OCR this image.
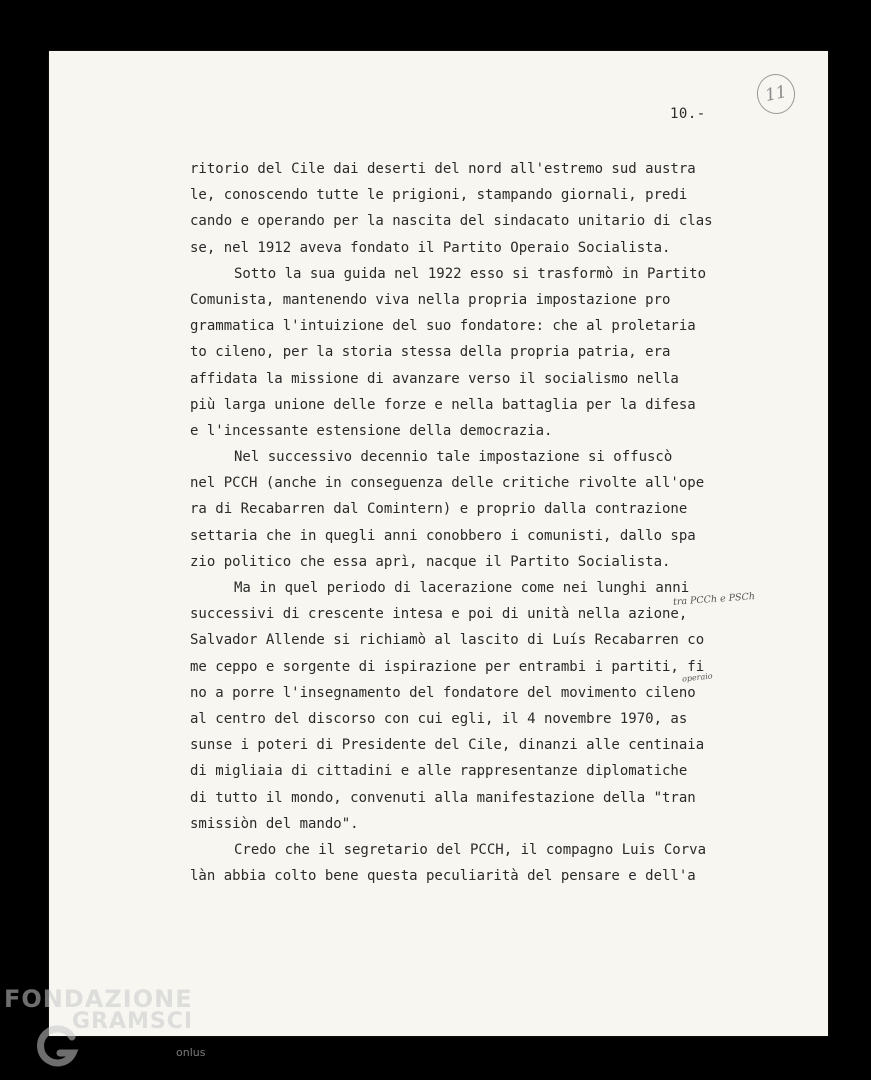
10.-
11
ritorio del Cile dai deserti del nord all'estremo sud austra
le, conoscendo tutte le prigioni, stampando giornali, predi
cando e operando per la nascita del sindacato unitario di clas
se, nel 1912 aveva fondato il Partito Operaio Socialista.
Sotto la sua guida nel 1922 esso si trasformò in Partito
Comunista, mantenendo viva nella propria impostazione pro
grammatica l'intuizione del suo fondatore: che al proletaria
to cileno, per la storia stessa della propria patria, era
affidata la missione di avanzare verso il socialismo nella
più larga unione delle forze e nella battaglia per la difesa
e l'incessante estensione della democrazia.
Nel successivo decennio tale impostazione si offuscò
nel PCCH (anche in conseguenza delle critiche rivolte all'ope
ra di Recabarren dal Comintern) e proprio dalla contrazione
settaria che in quegli anni conobbero i comunisti, dallo spa
zio politico che essa aprì, nacque il Partito Socialista.
Ma in quel periodo di lacerazione come nei lunghi anni
successivi di crescente intesa e poi di unità nella azione,
Salvador Allende si richiamò al lascito di Luís Recabarren co
me ceppo e sorgente di ispirazione per entrambi i partiti, fi
no a porre l'insegnamento del fondatore del movimento cileno
al centro del discorso con cui egli, il 4 novembre 1970, as
sunse i poteri di Presidente del Cile, dinanzi alle centinaia
di migliaia di cittadini e alle rappresentanze diplomatiche
di tutto il mondo, convenuti alla manifestazione della "tran
smissiòn del mando".
Credo che il segretario del PCCH, il compagno Luis Corva
làn abbia colto bene questa peculiarità del pensare e dell'a
tra PCCh e PSCh
operaio
FONDAZIONE
GRAMSCI
onlus
